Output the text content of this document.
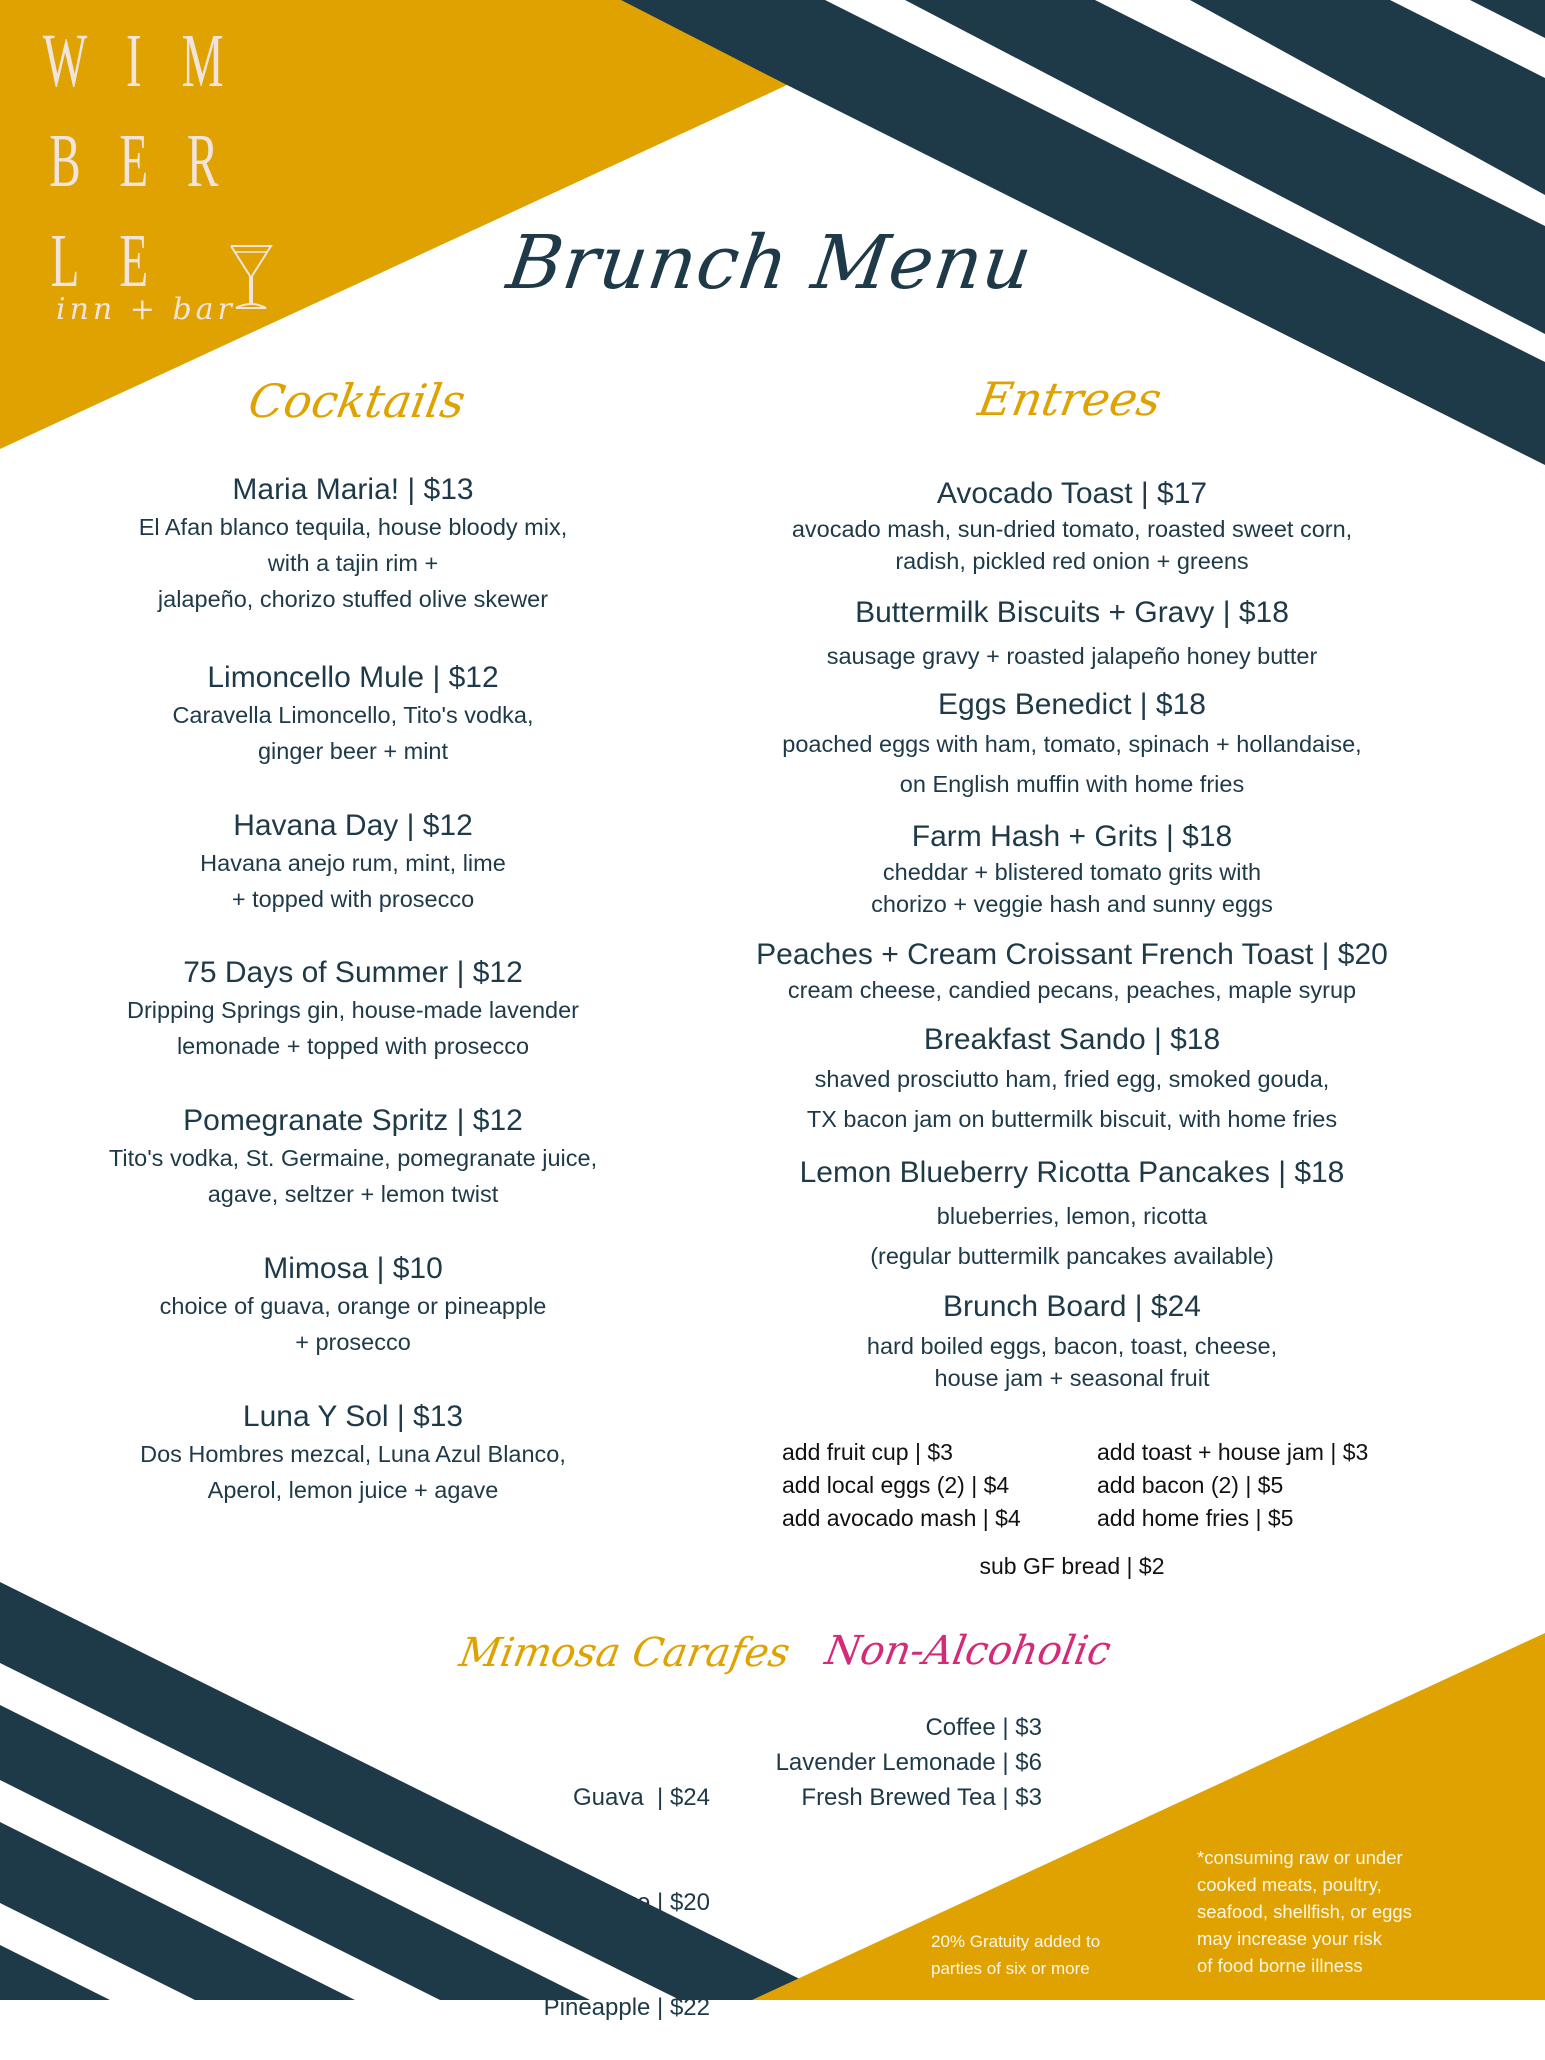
W I M
B E R
L E
inn + bar
Brunch Menu
Cocktails
Maria Maria! | $13
El Afan blanco tequila, house bloody mix,
with a tajin rim +
jalapeño, chorizo stuffed olive skewer
Limoncello Mule | $12
Caravella Limoncello, Tito's vodka,
ginger beer + mint
Havana Day | $12
Havana anejo rum, mint, lime
+ topped with prosecco
75 Days of Summer | $12
Dripping Springs gin, house-made lavender
lemonade + topped with prosecco
Pomegranate Spritz | $12
Tito's vodka, St. Germaine, pomegranate juice,
agave, seltzer + lemon twist
Mimosa | $10
choice of guava, orange or pineapple
+ prosecco
Luna Y Sol | $13
Dos Hombres mezcal, Luna Azul Blanco,
Aperol, lemon juice + agave
Entrees
Avocado Toast | $17
avocado mash, sun-dried tomato, roasted sweet corn,
radish, pickled red onion + greens
Buttermilk Biscuits + Gravy | $18
sausage gravy + roasted jalapeño honey butter
Eggs Benedict | $18
poached eggs with ham, tomato, spinach + hollandaise,
on English muffin with home fries
Farm Hash + Grits | $18
cheddar + blistered tomato grits with
chorizo + veggie hash and sunny eggs
Peaches + Cream Croissant French Toast | $20
cream cheese, candied pecans, peaches, maple syrup
Breakfast Sando | $18
shaved prosciutto ham, fried egg, smoked gouda,
TX bacon jam on buttermilk biscuit, with home fries
Lemon Blueberry Ricotta Pancakes | $18
blueberries, lemon, ricotta
(regular buttermilk pancakes available)
Brunch Board | $24
hard boiled eggs, bacon, toast, cheese,
house jam + seasonal fruit
add fruit cup | $3
add local eggs (2) | $4
add avocado mash | $4
add toast + house jam | $3
add bacon (2) | $5
add home fries | $5
sub GF bread | $2
Mimosa Carafes Non-Alcoholic

Guava  | $24

Orange | $20

Pineapple | $22

Coffee | $3
Lavender Lemonade | $6
Fresh Brewed Tea | $3
20% Gratuity added to
parties of six or more
*consuming raw or under
cooked meats, poultry,
seafood, shellfish, or eggs
may increase your risk
of food borne illness
